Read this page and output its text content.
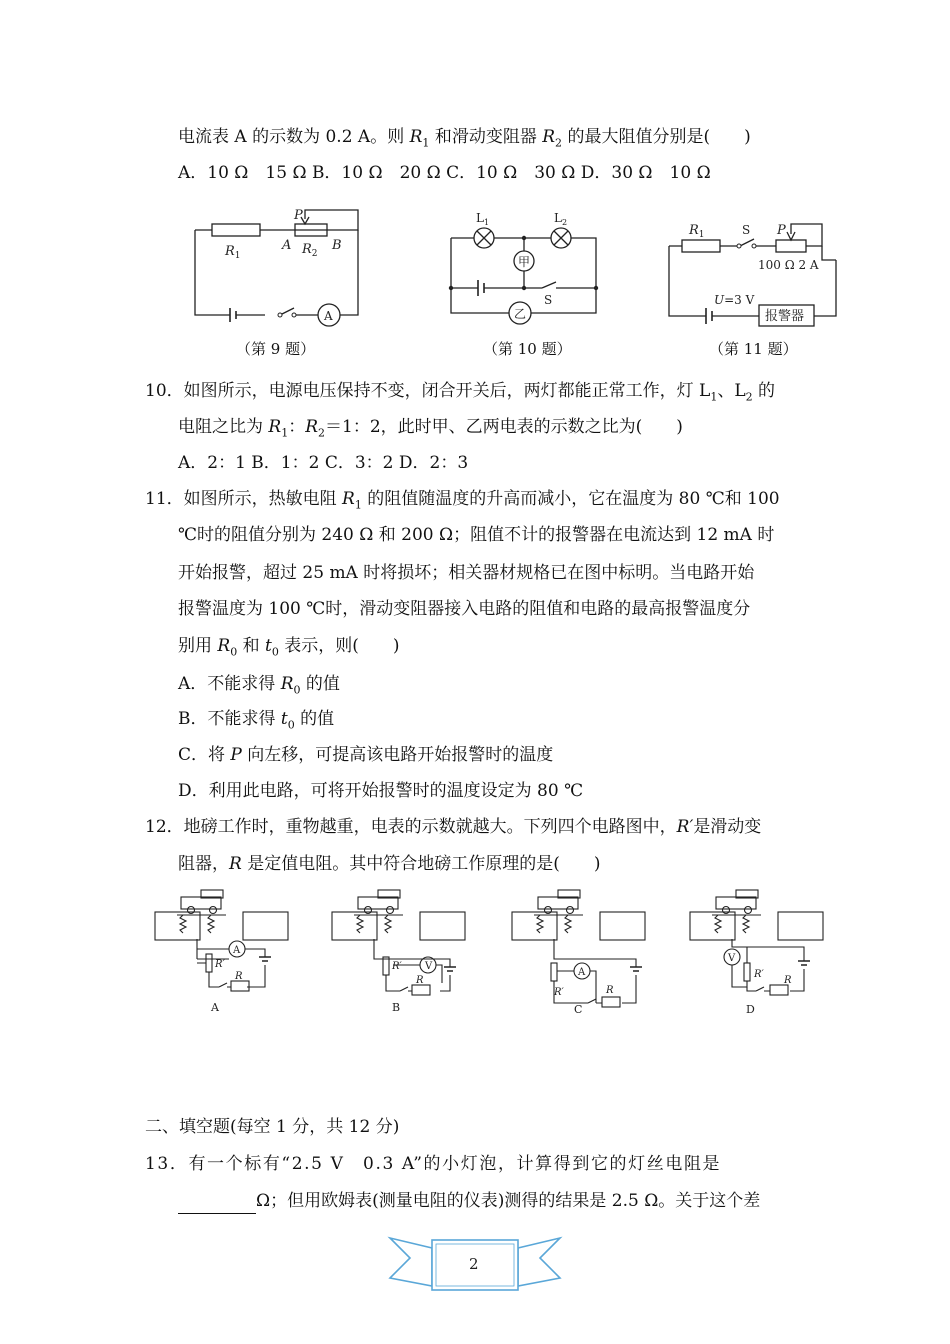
电流表 A 的示数为 0.2 A。则 $R_1$ 和滑动变阻器 $R_2$ 的最大阻值分别是(　　)
A．10 Ω　15 Ω B．10 Ω　20 Ω C．10 Ω　30 Ω D．30 Ω　10 Ω
$R_1$
P
A $R_2$
B
A
（第 9 题）
$L_1$	$L_2$
甲
乙
S
（第 10 题）
$R_1$	S P
100 Ω 2 A
U=3 V
报警器
（第 11 题）
10．如图所示，电源电压保持不变，闭合开关后，两灯都能正常工作，灯 $L_1$、$L_2$ 的
电阻之比为 $R_1$：$R_2=1$：2，此时甲、乙两电表的示数之比为(　　)
A．2：1 B．1：2 C．3：2 D．2：3
11．如图所示，热敏电阻 $R_1$ 的阻值随温度的升高而减小，它在温度为 80 ℃和 100
℃时的阻值分别为 240 Ω 和 200 Ω；阻值不计的报警器在电流达到 12 mA 时
开始报警，超过 25 mA 时将损坏；相关器材规格已在图中标明。当电路开始
报警温度为 100 ℃时，滑动变阻器接入电路的阻值和电路的最高报警温度分
别用 $R_0$ 和 $t_0$ 表示，则(　　)
A．不能求得 $R_0$ 的值
B．不能求得 $t_0$ 的值
C．将 P 向左移，可提高该电路开始报警时的温度
D．利用此电路，可将开始报警时的温度设定为 80 ℃
12．地磅工作时，重物越重，电表的示数就越大。下列四个电路图中，R′是滑动变
阻器，R 是定值电阻。其中符合地磅工作原理的是(　　)
A
R′
R
A
V
R′
R
B
A
R′	R
C
V
R′
R
D
二、填空题(每空 1 分，共 12 分)
13．有一个标有“2.5 V　0.3 A”的小灯泡，计算得到它的灯丝电阻是
Ω；但用欧姆表(测量电阻的仪表)测得的结果是 2.5 Ω。关于这个差
2
